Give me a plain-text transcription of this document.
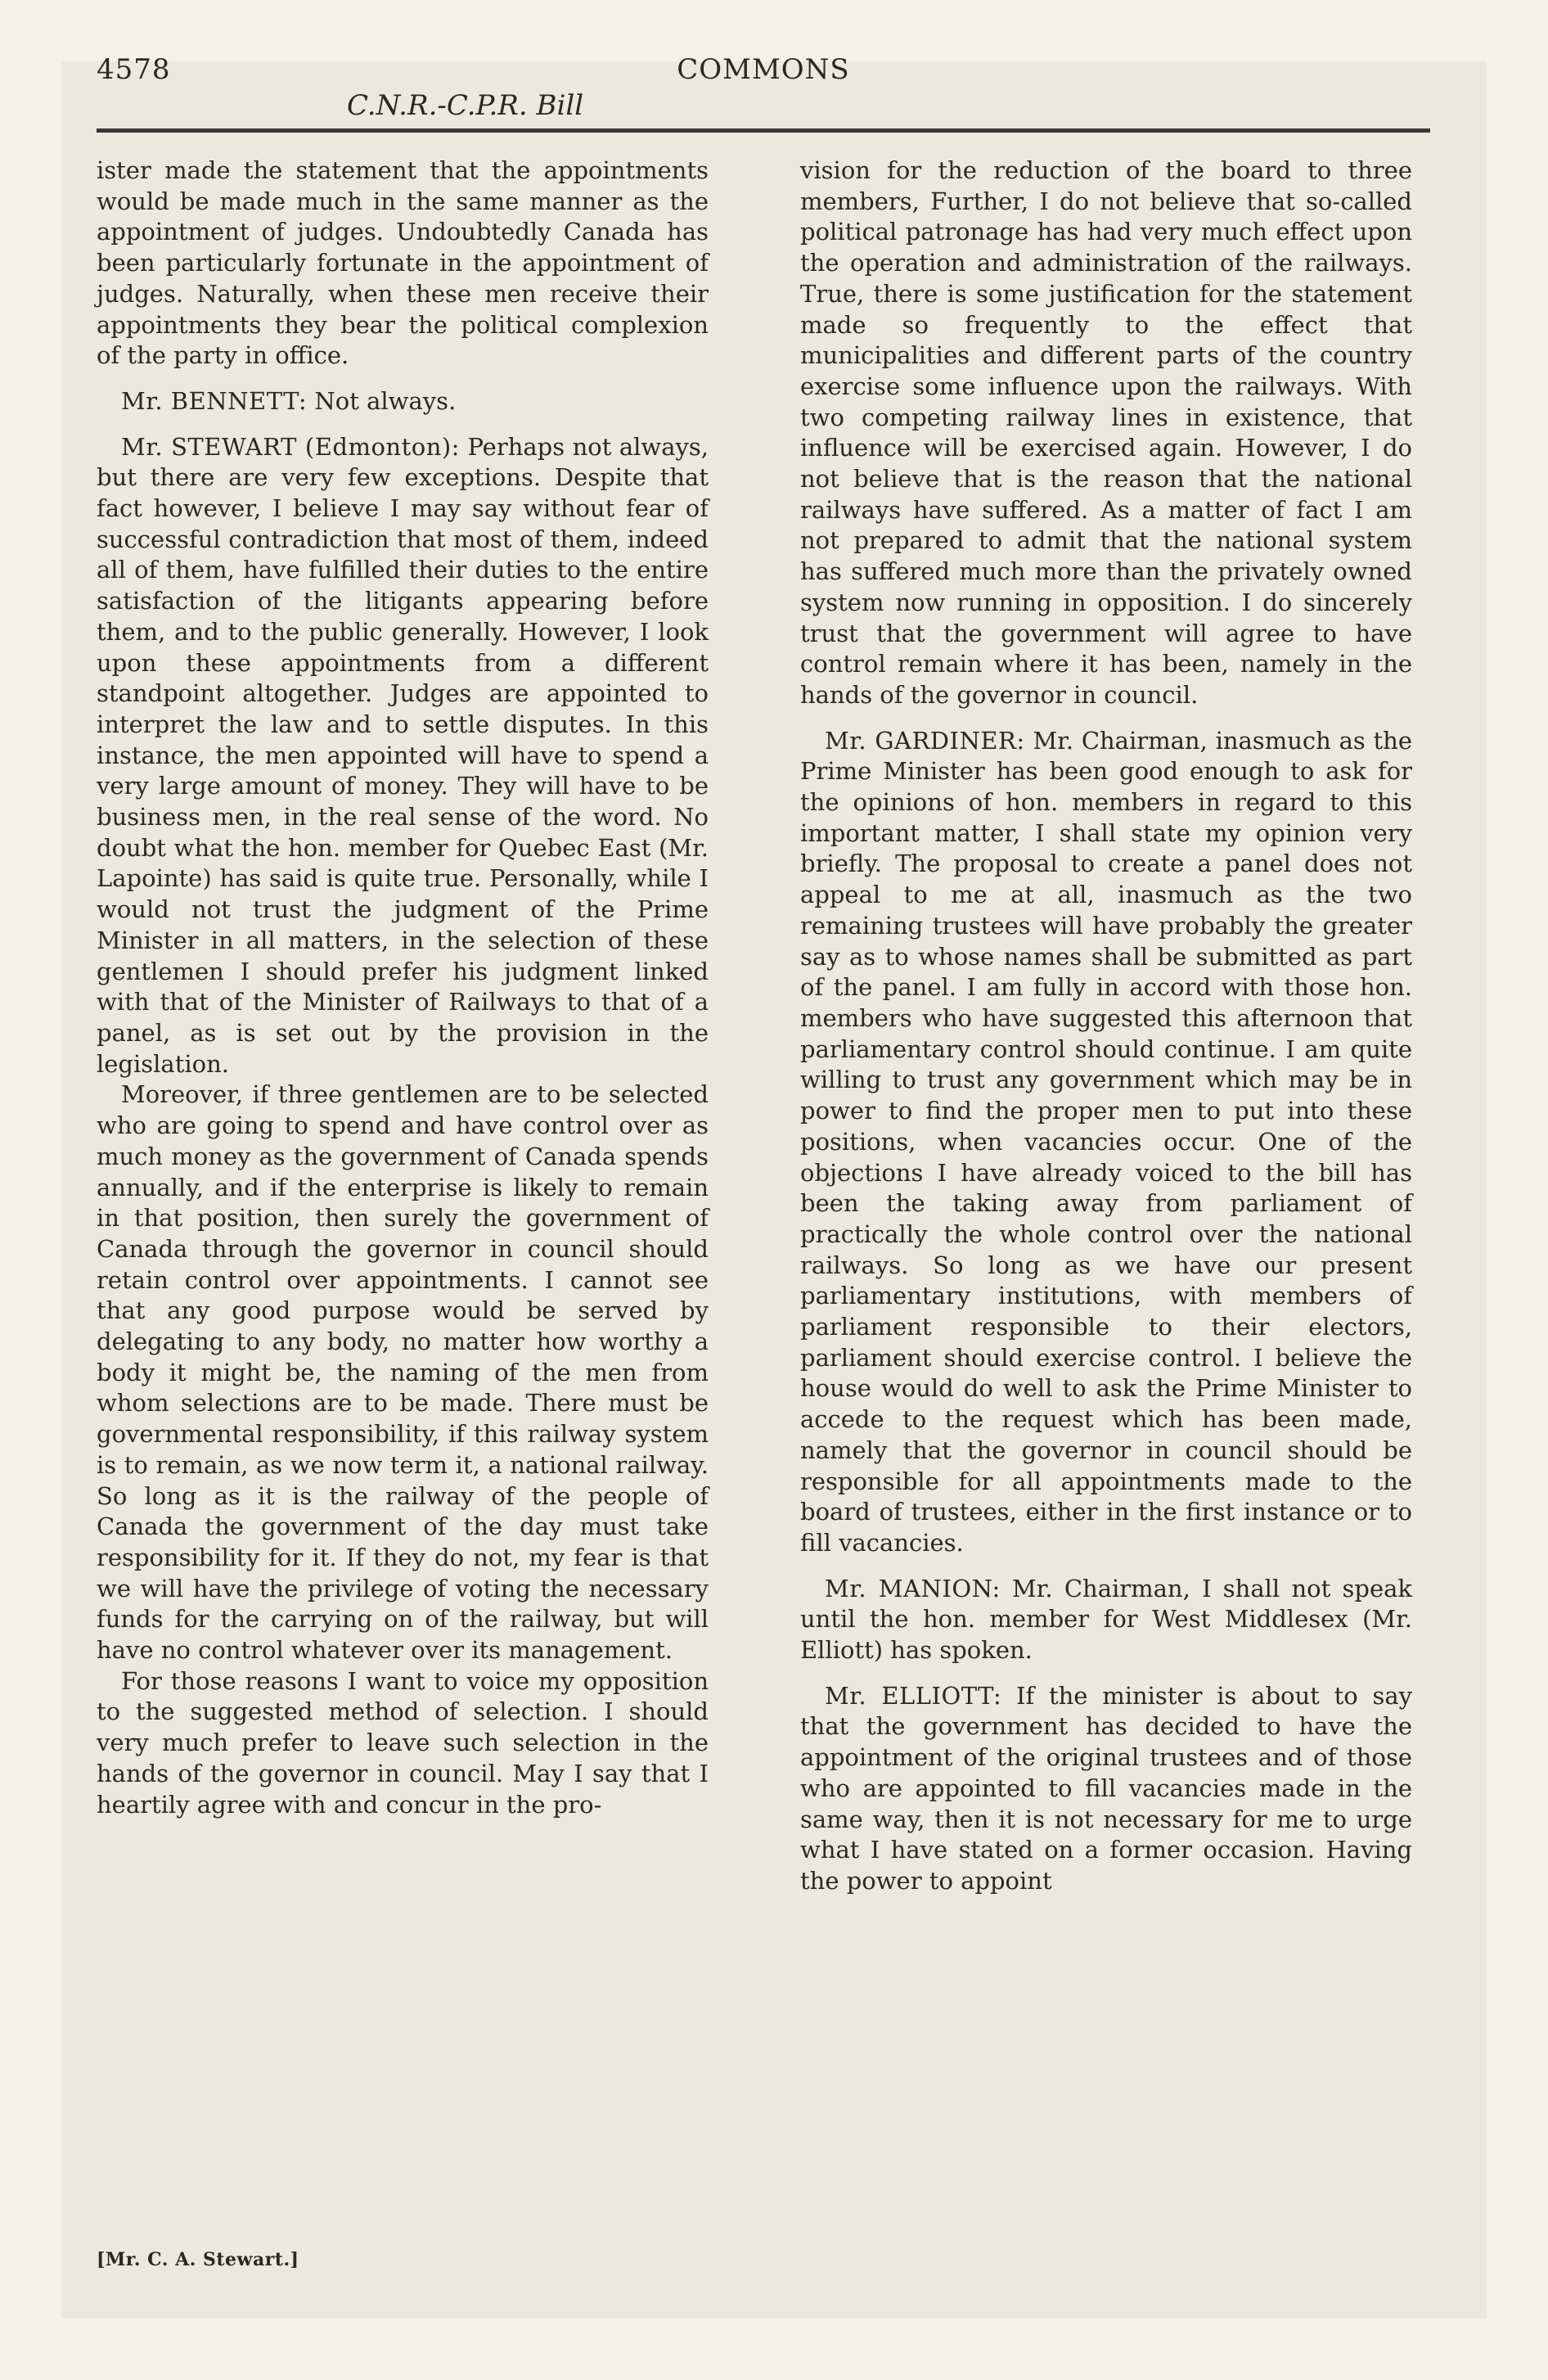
4578	COMMONS
C.N.R.-C.P.R. Bill

ister made the statement that the appointments would be made much in the same manner as the appointment of judges. Undoubtedly Canada has been particularly fortunate in the appointment of judges. Naturally, when these men receive their appointments they bear the political complexion of the party in office.

Mr. BENNETT: Not always.

Mr. STEWART (Edmonton): Perhaps not always, but there are very few exceptions. Despite that fact however, I believe I may say without fear of successful contradiction that most of them, indeed all of them, have fulfilled their duties to the entire satisfaction of the litigants appearing before them, and to the public generally. However, I look upon these appointments from a different standpoint altogether. Judges are appointed to interpret the law and to settle disputes. In this instance, the men appointed will have to spend a very large amount of money. They will have to be business men, in the real sense of the word. No doubt what the hon. member for Quebec East (Mr. Lapointe) has said is quite true. Personally, while I would not trust the judgment of the Prime Minister in all matters, in the selection of these gentlemen I should prefer his judgment linked with that of the Minister of Railways to that of a panel, as is set out by the provision in the legislation.

Moreover, if three gentlemen are to be selected who are going to spend and have control over as much money as the government of Canada spends annually, and if the enterprise is likely to remain in that position, then surely the government of Canada through the governor in council should retain control over appointments. I cannot see that any good purpose would be served by delegating to any body, no matter how worthy a body it might be, the naming of the men from whom selections are to be made. There must be governmental responsibility, if this railway system is to remain, as we now term it, a national railway. So long as it is the railway of the people of Canada the government of the day must take responsibility for it. If they do not, my fear is that we will have the privilege of voting the necessary funds for the carrying on of the railway, but will have no control whatever over its management.

For those reasons I want to voice my opposition to the suggested method of selection. I should very much prefer to leave such selection in the hands of the governor in council. May I say that I heartily agree with and concur in the pro-

vision for the reduction of the board to three members, Further, I do not believe that so-called political patronage has had very much effect upon the operation and administration of the railways. True, there is some justification for the statement made so frequently to the effect that municipalities and different parts of the country exercise some influence upon the railways. With two competing railway lines in existence, that influence will be exercised again. However, I do not believe that is the reason that the national railways have suffered. As a matter of fact I am not prepared to admit that the national system has suffered much more than the privately owned system now running in opposition. I do sincerely trust that the government will agree to have control remain where it has been, namely in the hands of the governor in council.

Mr. GARDINER: Mr. Chairman, inasmuch as the Prime Minister has been good enough to ask for the opinions of hon. members in regard to this important matter, I shall state my opinion very briefly. The proposal to create a panel does not appeal to me at all, inasmuch as the two remaining trustees will have probably the greater say as to whose names shall be submitted as part of the panel. I am fully in accord with those hon. members who have suggested this afternoon that parliamentary control should continue. I am quite willing to trust any government which may be in power to find the proper men to put into these positions, when vacancies occur. One of the objections I have already voiced to the bill has been the taking away from parliament of practically the whole control over the national railways. So long as we have our present parliamentary institutions, with members of parliament responsible to their electors, parliament should exercise control. I believe the house would do well to ask the Prime Minister to accede to the request which has been made, namely that the governor in council should be responsible for all appointments made to the board of trustees, either in the first instance or to fill vacancies.

Mr. MANION: Mr. Chairman, I shall not speak until the hon. member for West Middlesex (Mr. Elliott) has spoken.

Mr. ELLIOTT: If the minister is about to say that the government has decided to have the appointment of the original trustees and of those who are appointed to fill vacancies made in the same way, then it is not necessary for me to urge what I have stated on a former occasion. Having the power to appoint

[Mr. C. A. Stewart.]
